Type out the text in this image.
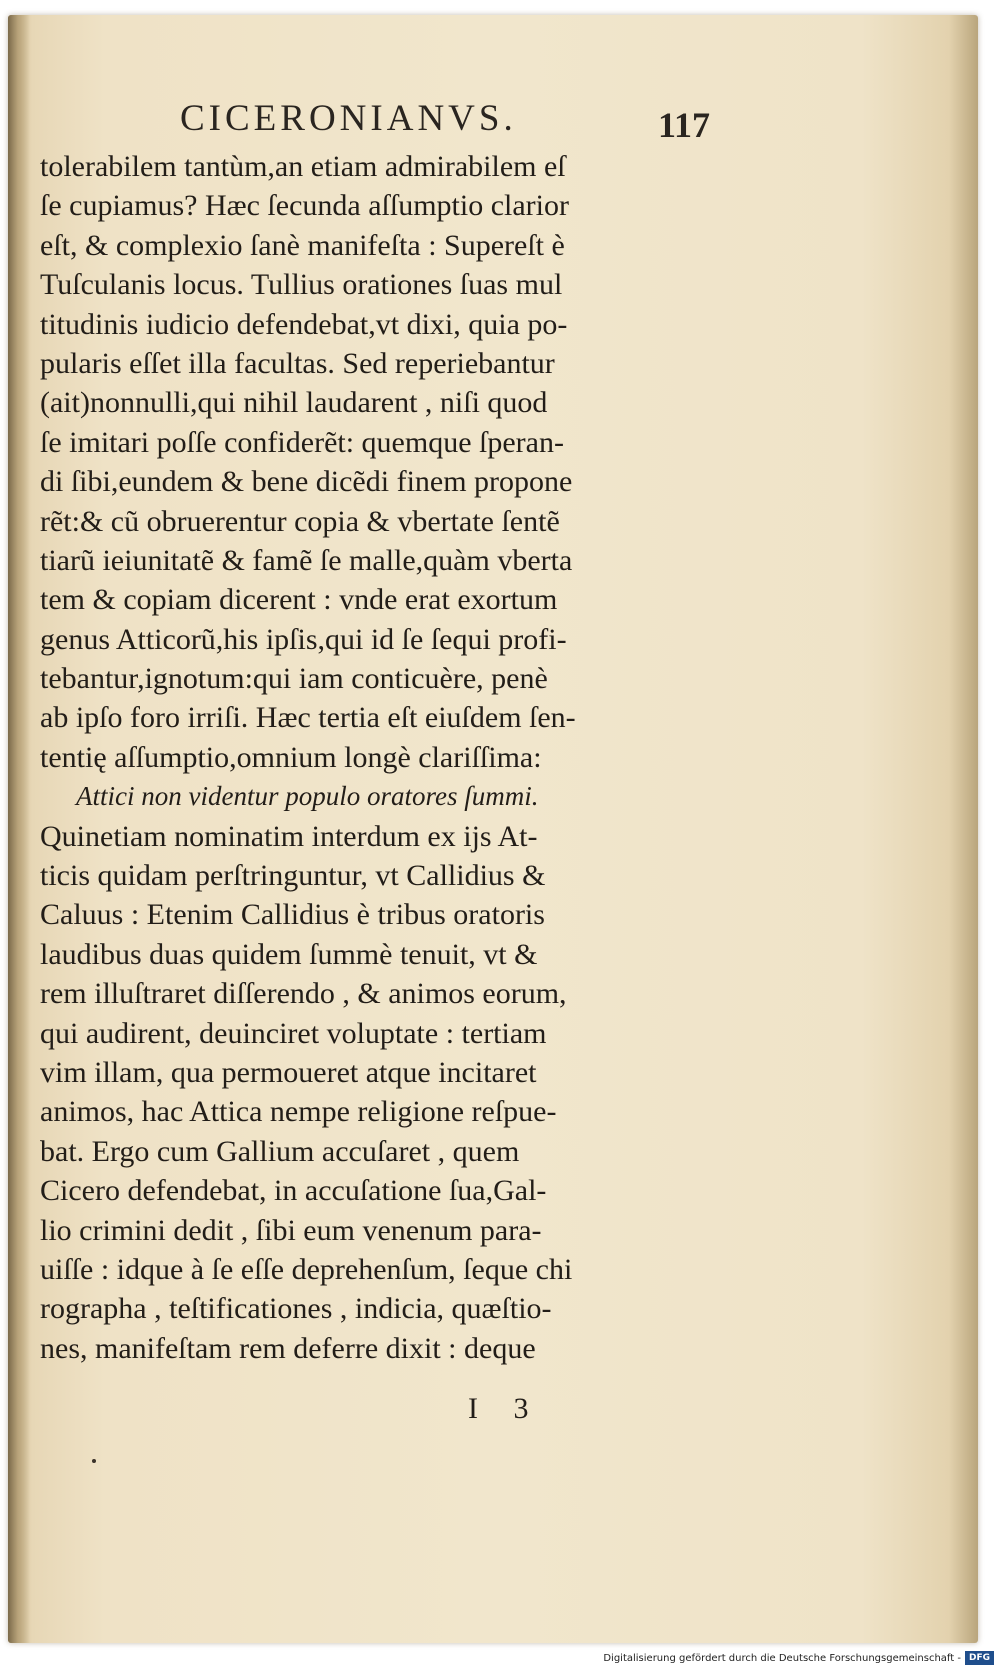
CICERONIANVS.	117
tolerabilem tantùm,an etiam admirabilem eſ
ſe cupiamus? Hæc ſecunda aſſumptio clarior
eſt, & complexio ſanè manifeſta : Supereſt è
Tuſculanis locus. Tullius orationes ſuas mul
titudinis iudicio defendebat,vt dixi, quia po-
pularis eſſet illa facultas. Sed reperiebantur
(ait)nonnulli,qui nihil laudarent , niſi quod
ſe imitari poſſe confiderẽt: quemque ſperan-
di ſibi,eundem & bene dicẽdi finem propone
rẽt:& cũ obruerentur copia & vbertate ſentẽ
tiarũ ieiunitatẽ & famẽ ſe malle,quàm vberta
tem & copiam dicerent : vnde erat exortum
genus Atticorũ,his ipſis,qui id ſe ſequi profi-
tebantur,ignotum:qui iam conticuère, penè
ab ipſo foro irriſi. Hæc tertia eſt eiuſdem ſen-
tentię aſſumptio,omnium longè clariſſima:
Attici non videntur populo oratores ſummi.
Quinetiam nominatim interdum ex ijs At-
ticis quidam perſtringuntur, vt Callidius &
Caluus : Etenim Callidius è tribus oratoris
laudibus duas quidem ſummè tenuit, vt &
rem illuſtraret diſſerendo , & animos eorum,
qui audirent, deuinciret voluptate : tertiam
vim illam, qua permoueret atque incitaret
animos, hac Attica nempe religione reſpue-
bat. Ergo cum Gallium accuſaret , quem
Cicero defendebat, in accuſatione ſua,Gal-
lio crimini dedit , ſibi eum venenum para-
uiſſe : idque à ſe eſſe deprehenſum, ſeque chi
rographa , teſtificationes , indicia, quæſtio-
nes, manifeſtam rem deferre dixit : deque
I 3
Digitalisierung gefördert durch die Deutsche Forschungsgemeinschaft - DFG
